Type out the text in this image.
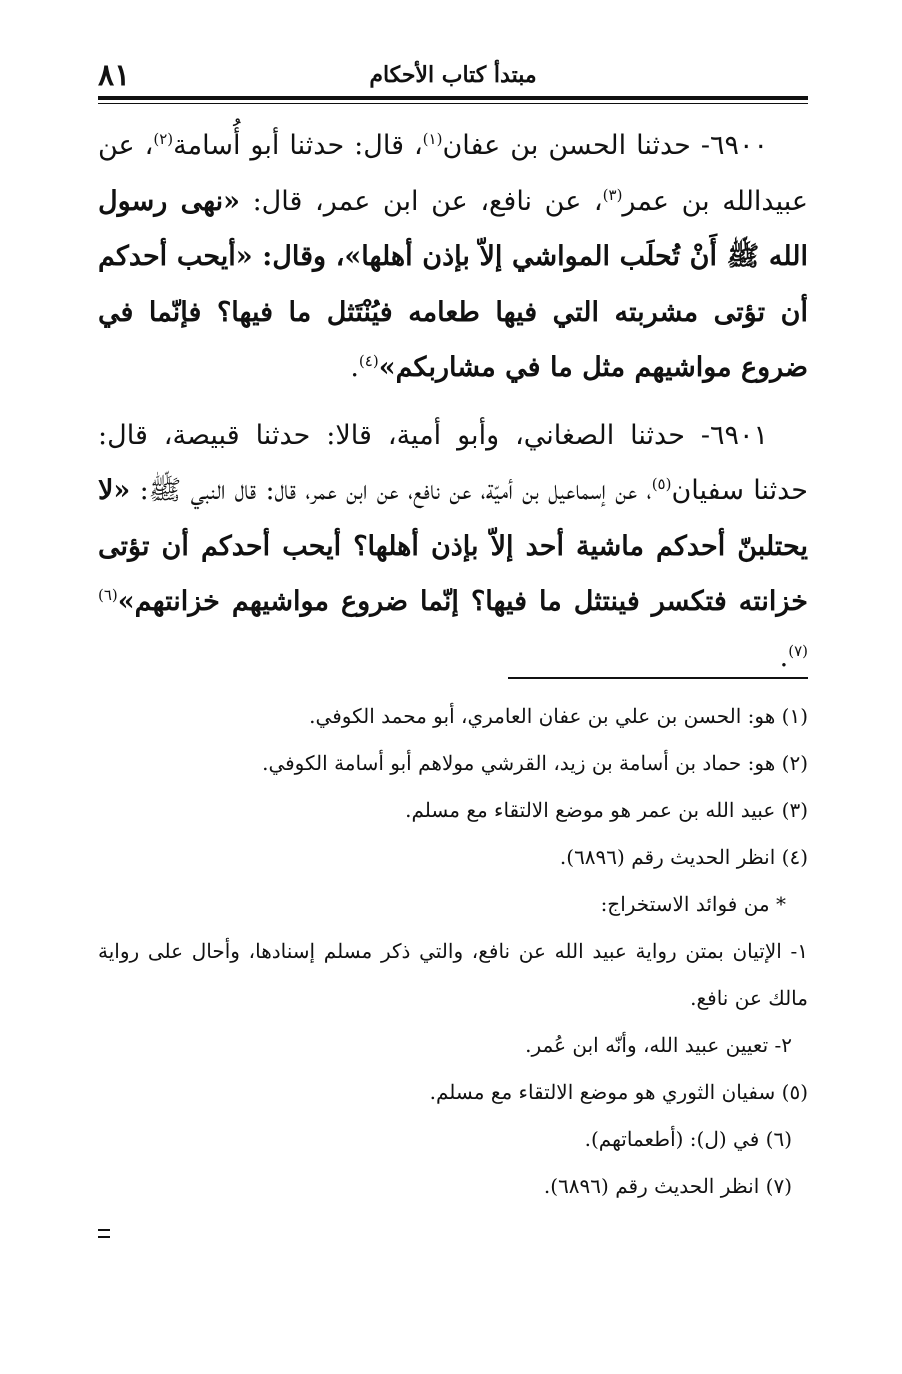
٨١	مبتدأ كتاب الأحكام

٦٩٠٠- حدثنا الحسن بن عفان$^{(١)}$، قال: حدثنا أبو أُسامة$^{(٢)}$، عن عبيدالله بن عمر$^{(٣)}$، عن نافع، عن ابن عمر، قال: «نهى رسول الله ﷺ أَنْ تُحلَب المواشي إلاّ بإذن أهلها»، وقال: «أيحب أحدكم أن تؤتى مشربته التي فيها طعامه فيُنْتَثل ما فيها؟ فإنّما في ضروع مواشيهم مثل ما في مشاربكم»$^{(٤)}$.

٦٩٠١- حدثنا الصغاني، وأبو أمية، قالا: حدثنا قبيصة، قال: حدثنا سفيان$^{(٥)}$، عن إسماعيل بن أميّة، عن نافع، عن ابن عمر، قال: قال النبي ﷺ: «لا يحتلبنّ أحدكم ماشية أحد إلاّ بإذن أهلها؟ أيحب أحدكم أن تؤتى خزانته فتكسر فينتثل ما فيها؟ إنّما ضروع مواشيهم خزانتهم»$^{(٦)(٧)}$.

(١) هو: الحسن بن علي بن عفان العامري، أبو محمد الكوفي.

(٢) هو: حماد بن أسامة بن زيد، القرشي مولاهم أبو أسامة الكوفي.

(٣) عبيد الله بن عمر هو موضع الالتقاء مع مسلم.

(٤) انظر الحديث رقم (٦٨٩٦).

* من فوائد الاستخراج:

١- الإتيان بمتن رواية عبيد الله عن نافع، والتي ذكر مسلم إسنادها، وأحال على رواية مالك عن نافع.

٢- تعيين عبيد الله، وأنّه ابن عُمر.

(٥) سفيان الثوري هو موضع الالتقاء مع مسلم.

(٦) في (ل): (أطعماتهم).

(٧) انظر الحديث رقم (٦٨٩٦).
